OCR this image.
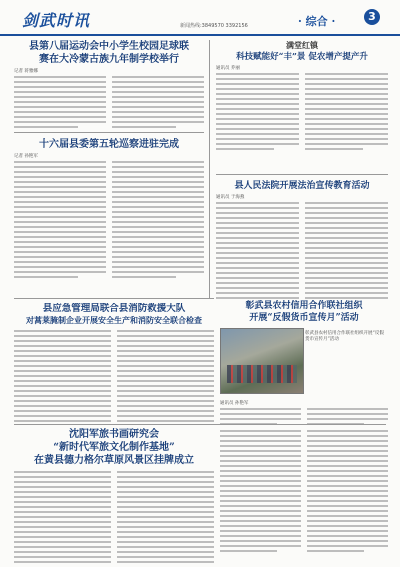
剑武时讯	新闻热线:3849570 3392156	· 综合 ·	3
县第八届运动会中小学生校园足球联
赛在大冷蒙古族九年制学校举行
记者 蒋雅娜
十六届县委第五轮巡察进驻完成
记者 孙艳军
县应急管理局联合县消防救援大队
对蒿莱腌制企业开展安全生产和消防安全联合检查
沈阳军旅书画研究会
“新时代军旅文化制作基地”
在黄县德力格尔草原风景区挂牌成立
满堂红镇
科技赋能好“丰”景 促农增产提产升
通讯员 乔丽
县人民法院开展法治宣传教育活动
通讯员 于海燕
彰武县农村信用合作联社组织
开展“反假货币宣传月”活动
彰武县农村信用合作联社组织开展“反假货币宣传月”活动
通讯员 孙艳军
